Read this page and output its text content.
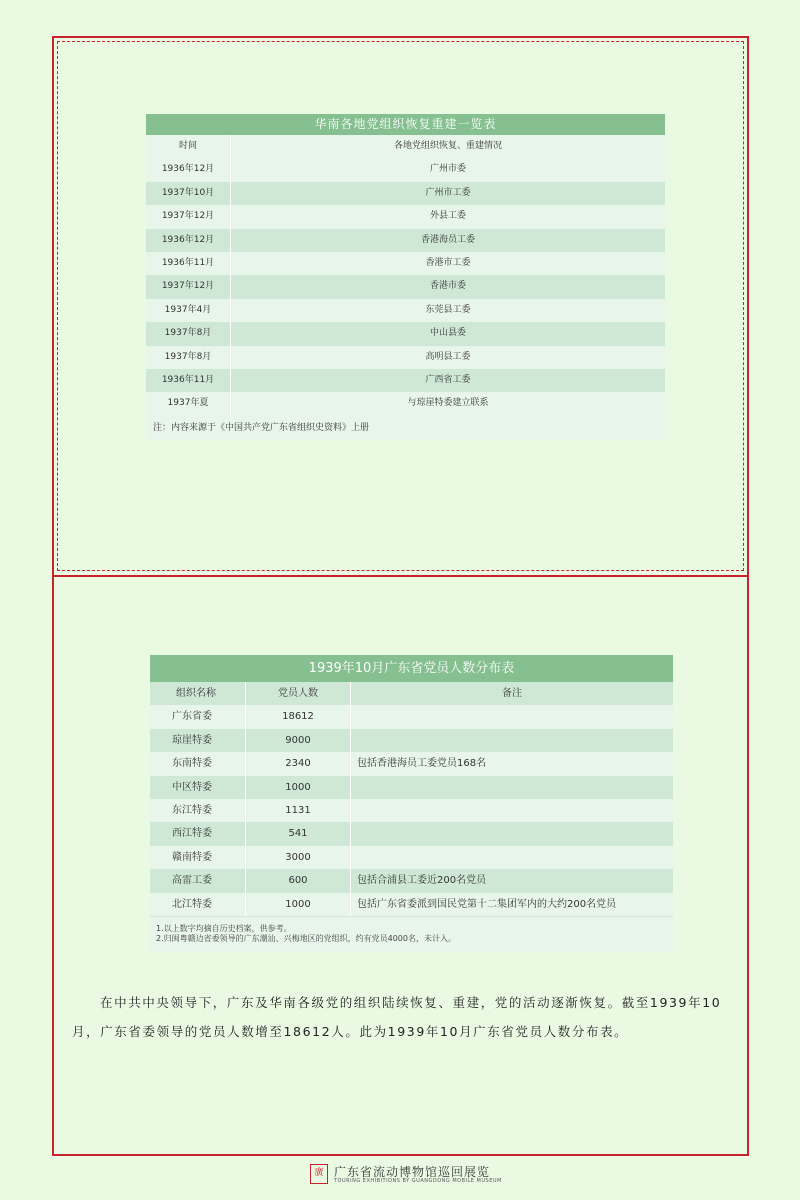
华南各地党组织恢复重建一览表
时间	各地党组织恢复、重建情况
1936年12月	广州市委
1937年10月	广州市工委
1937年12月	外县工委
1936年12月	香港海员工委
1936年11月	香港市工委
1937年12月	香港市委
1937年4月	东莞县工委
1937年8月	中山县委
1937年8月	高明县工委
1936年11月	广西省工委
1937年夏	与琼崖特委建立联系
注：内容来源于《中国共产党广东省组织史资料》上册
1939年10月广东省党员人数分布表
组织名称	党员人数	备注
广东省委	18612
琼崖特委	9000
东南特委	2340	包括香港海员工委党员168名
中区特委	1000
东江特委	1131
西江特委	541
赣南特委	3000
高雷工委	600	包括合浦县工委近200名党员
北江特委	1000	包括广东省委派到国民党第十二集团军内的大约200名党员
1.以上数字均摘自历史档案，供参考。
2.归闽粤赣边省委领导的广东潮汕、兴梅地区的党组织，约有党员4000名，未计入。
在中共中央领导下，广东及华南各级党的组织陆续恢复、重建，党的活动逐渐恢复。截至1939年10月，广东省委领导的党员人数增至18612人。此为1939年10月广东省党员人数分布表。
廣 广东省流动博物馆巡回展览
TOURING EXHIBITIONS BY GUANGDONG MOBILE MUSEUM
